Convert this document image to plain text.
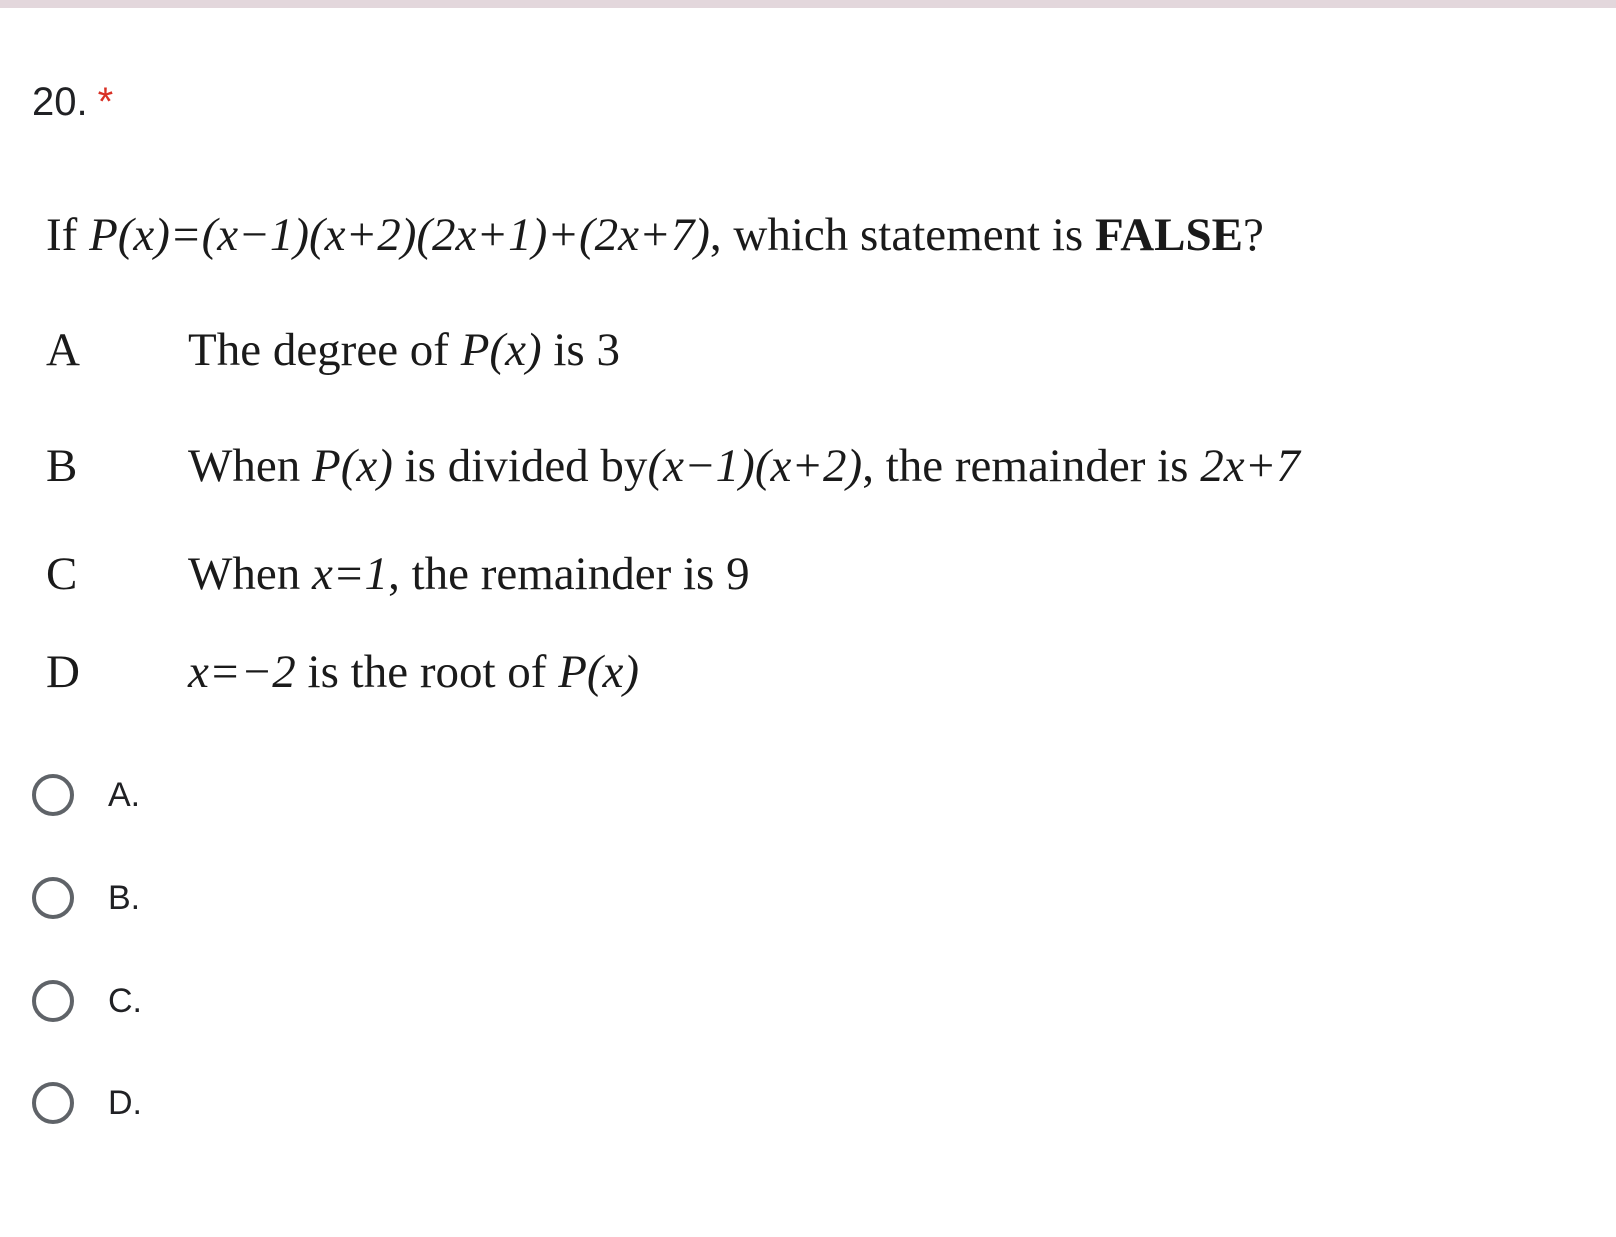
20. *
If P(x)=(x−1)(x+2)(2x+1)+(2x+7), which statement is FALSE?
A The degree of P(x) is 3
B When P(x) is divided by(x−1)(x+2), the remainder is 2x+7
C When x=1, the remainder is 9
D x=−2 is the root of P(x)
A.
B.
C.
D.
